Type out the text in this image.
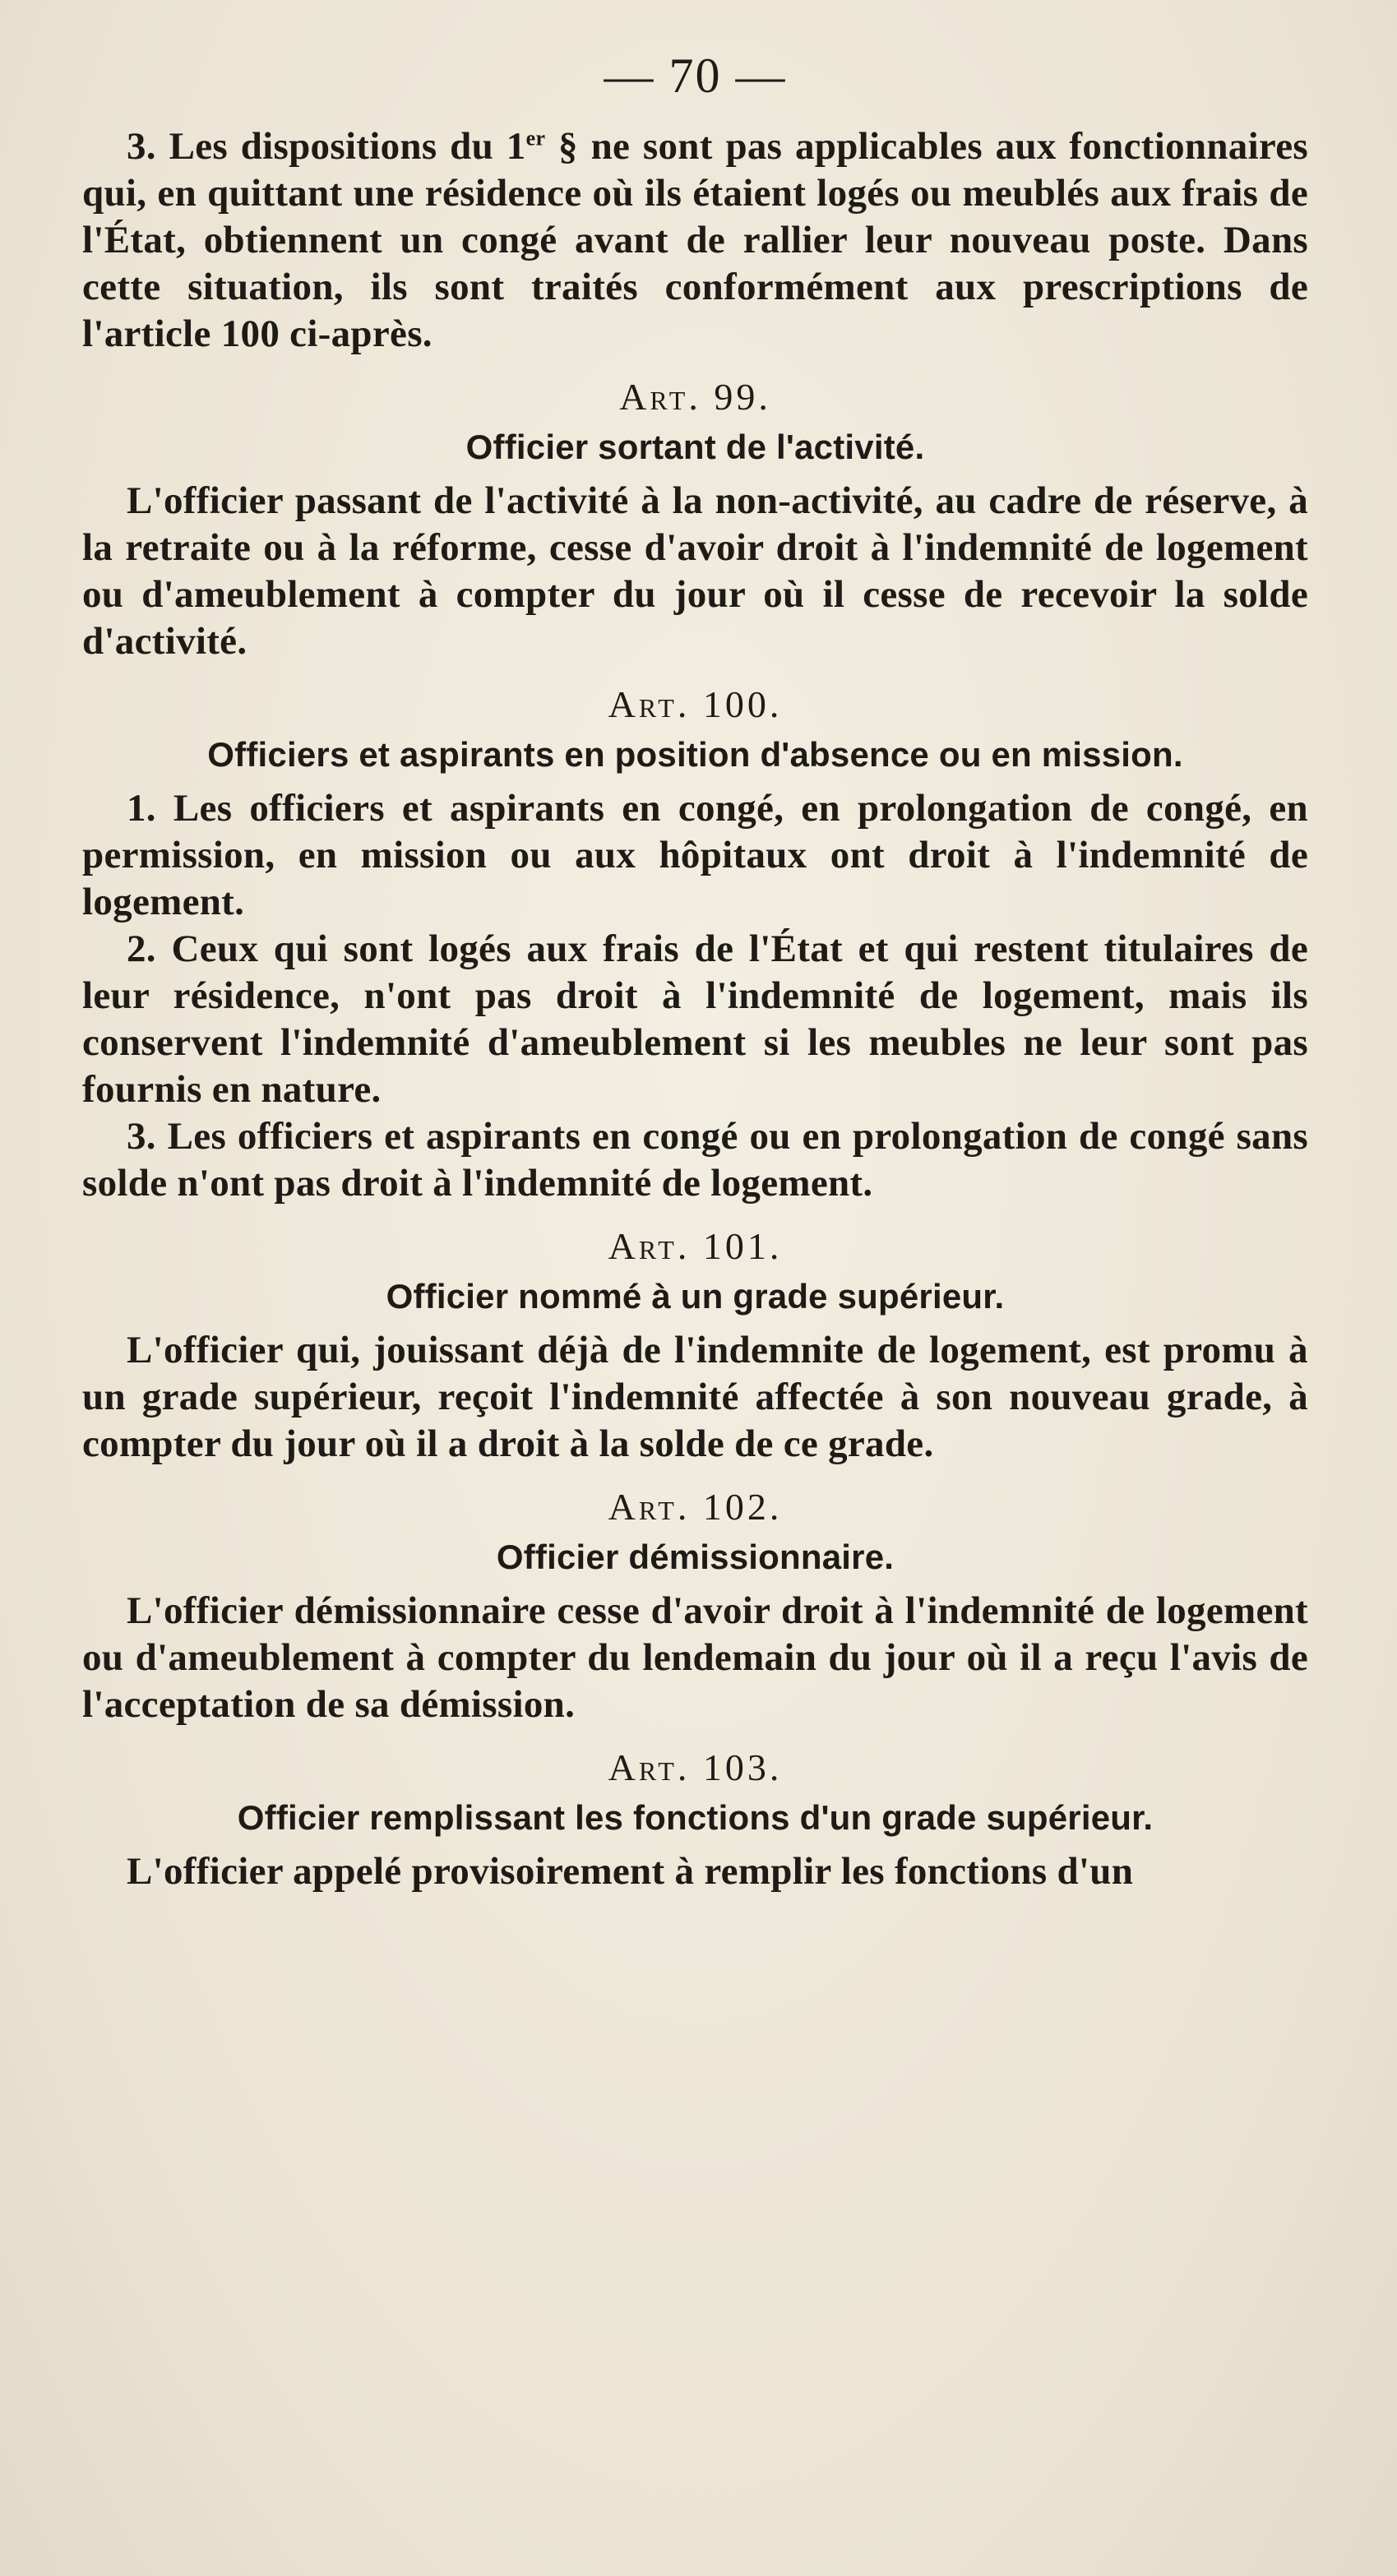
— 70 —

3. Les dispositions du 1er § ne sont pas applicables aux fonctionnaires qui, en quittant une résidence où ils étaient logés ou meublés aux frais de l'État, obtiennent un congé avant de rallier leur nouveau poste. Dans cette situation, ils sont traités conformément aux prescriptions de l'article 100 ci-après.

Art. 99.
Officier sortant de l'activité.

L'officier passant de l'activité à la non-activité, au cadre de réserve, à la retraite ou à la réforme, cesse d'avoir droit à l'indemnité de logement ou d'ameublement à compter du jour où il cesse de recevoir la solde d'activité.

Art. 100.
Officiers et aspirants en position d'absence ou en mission.

1. Les officiers et aspirants en congé, en prolongation de congé, en permission, en mission ou aux hôpitaux ont droit à l'indemnité de logement.

2. Ceux qui sont logés aux frais de l'État et qui restent titulaires de leur résidence, n'ont pas droit à l'indemnité de logement, mais ils conservent l'indemnité d'ameublement si les meubles ne leur sont pas fournis en nature.

3. Les officiers et aspirants en congé ou en prolongation de congé sans solde n'ont pas droit à l'indemnité de logement.

Art. 101.
Officier nommé à un grade supérieur.

L'officier qui, jouissant déjà de l'indemnite de logement, est promu à un grade supérieur, reçoit l'indemnité affectée à son nouveau grade, à compter du jour où il a droit à la solde de ce grade.

Art. 102.
Officier démissionnaire.

L'officier démissionnaire cesse d'avoir droit à l'indemnité de logement ou d'ameublement à compter du lendemain du jour où il a reçu l'avis de l'acceptation de sa démission.

Art. 103.
Officier remplissant les fonctions d'un grade supérieur.

L'officier appelé provisoirement à remplir les fonctions d'un
